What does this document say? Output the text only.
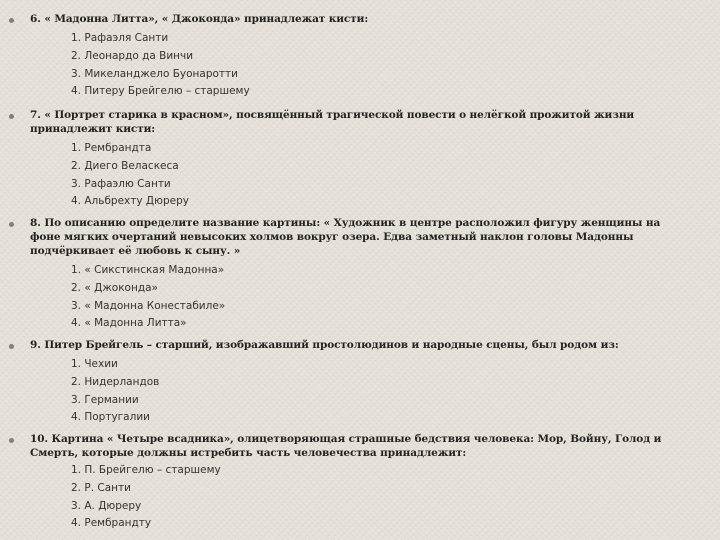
6. « Мадонна Литта», « Джоконда» принадлежат кисти:
1. Рафаэля Санти
2. Леонардо да Винчи
3. Микеланджело Буонаротти
4. Питеру Брейгелю – старшему
7. « Портрет старика в красном», посвящённый трагической повести о нелёгкой прожитой жизни принадлежит кисти:
1. Рембрандта
2. Диего Веласкеса
3. Рафаэлю Санти
4. Альбрехту Дюреру
8. По описанию определите название картины: « Художник в центре расположил фигуру женщины на фоне мягких очертаний невысоких холмов вокруг озера. Едва заметный наклон головы Мадонны подчёркивает её любовь к сыну. »
1. « Сикстинская Мадонна»
2. « Джоконда»
3. « Мадонна Конестабиле»
4. « Мадонна Литта»
9. Питер Брейгель – старший, изображавший простолюдинов и народные сцены, был родом из:
1. Чехии
2. Нидерландов
3. Германии
4. Португалии
10. Картина « Четыре всадника», олицетворяющая страшные бедствия человека: Мор, Войну, Голод и Смерть, которые должны истребить часть человечества принадлежит:
1. П. Брейгелю – старшему
2. Р. Санти
3. А. Дюреру
4. Рембрандту
